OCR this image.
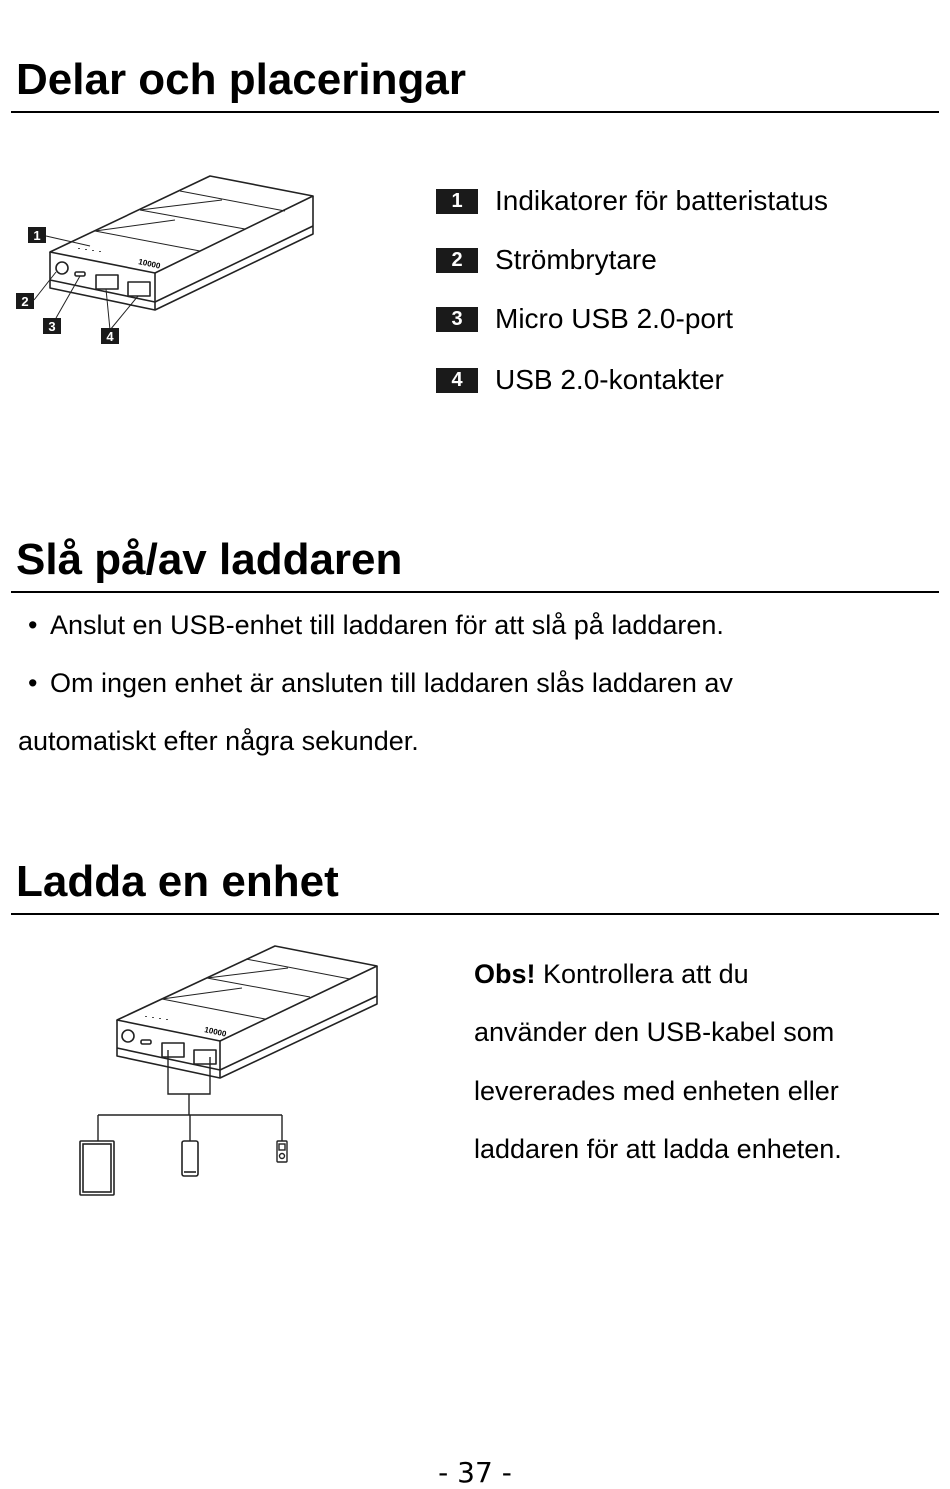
Delar och placeringar
10000
1
2
3
4
1	Indikatorer för batteristatus
2	Strömbrytare
3	Micro USB 2.0-port
4	USB 2.0-kontakter
Slå på/av laddaren
• Anslut en USB-enhet till laddaren för att slå på laddaren.
• Om ingen enhet är ansluten till laddaren slås laddaren av
automatiskt efter några sekunder.
Ladda en enhet
10000
Obs! Kontrollera att du
använder den USB-kabel som
levererades med enheten eller
laddaren för att ladda enheten.
- 37 -
